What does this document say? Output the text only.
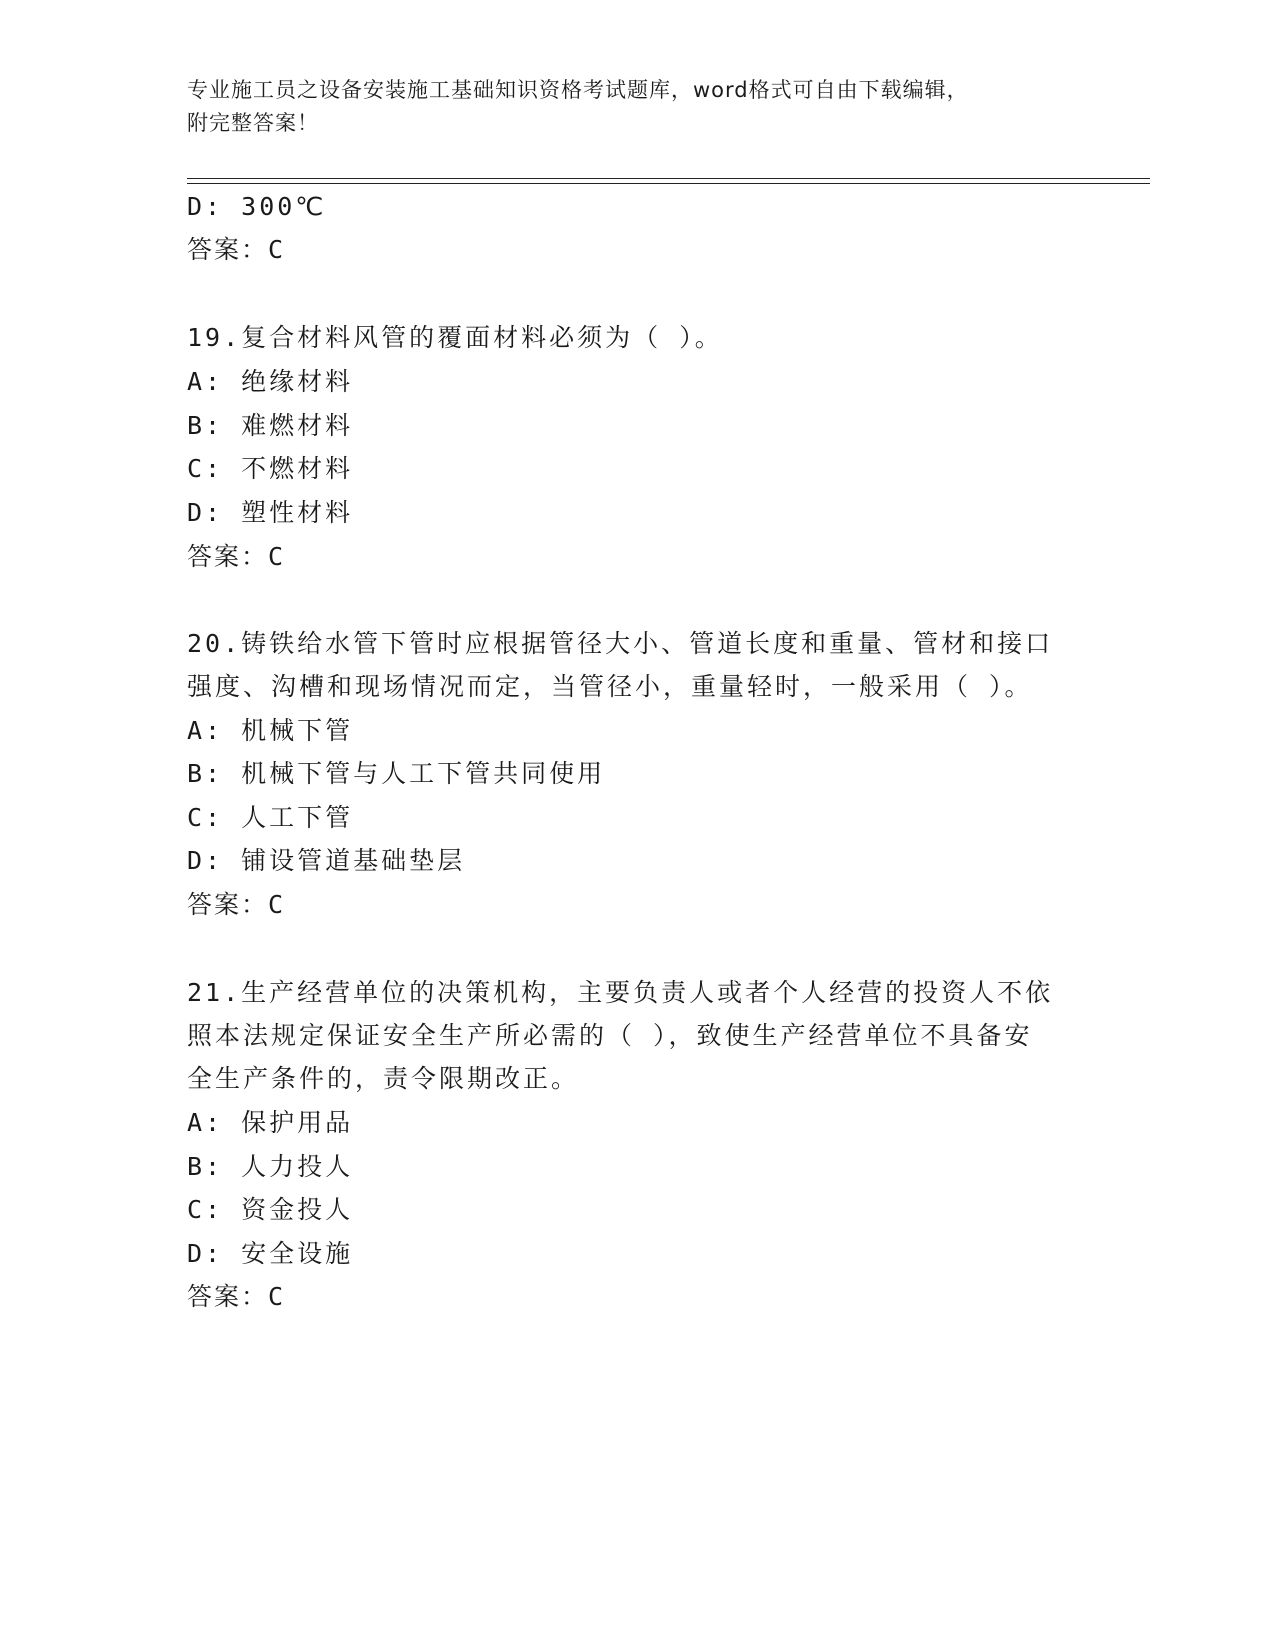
专业施工员之设备安装施工基础知识资格考试题库，word格式可自由下载编辑，
附完整答案！
D: 300℃
答案：C
19.复合材料风管的覆面材料必须为（ ）。
A: 绝缘材料
B: 难燃材料
C: 不燃材料
D: 塑性材料
答案：C
20.铸铁给水管下管时应根据管径大小、管道长度和重量、管材和接口
强度、沟槽和现场情况而定，当管径小，重量轻时，一般采用（ ）。
A: 机械下管
B: 机械下管与人工下管共同使用
C: 人工下管
D: 铺设管道基础垫层
答案：C
21.生产经营单位的决策机构，主要负责人或者个人经营的投资人不依
照本法规定保证安全生产所必需的（ ），致使生产经营单位不具备安
全生产条件的，责令限期改正。
A: 保护用品
B: 人力投人
C: 资金投人
D: 安全设施
答案：C
